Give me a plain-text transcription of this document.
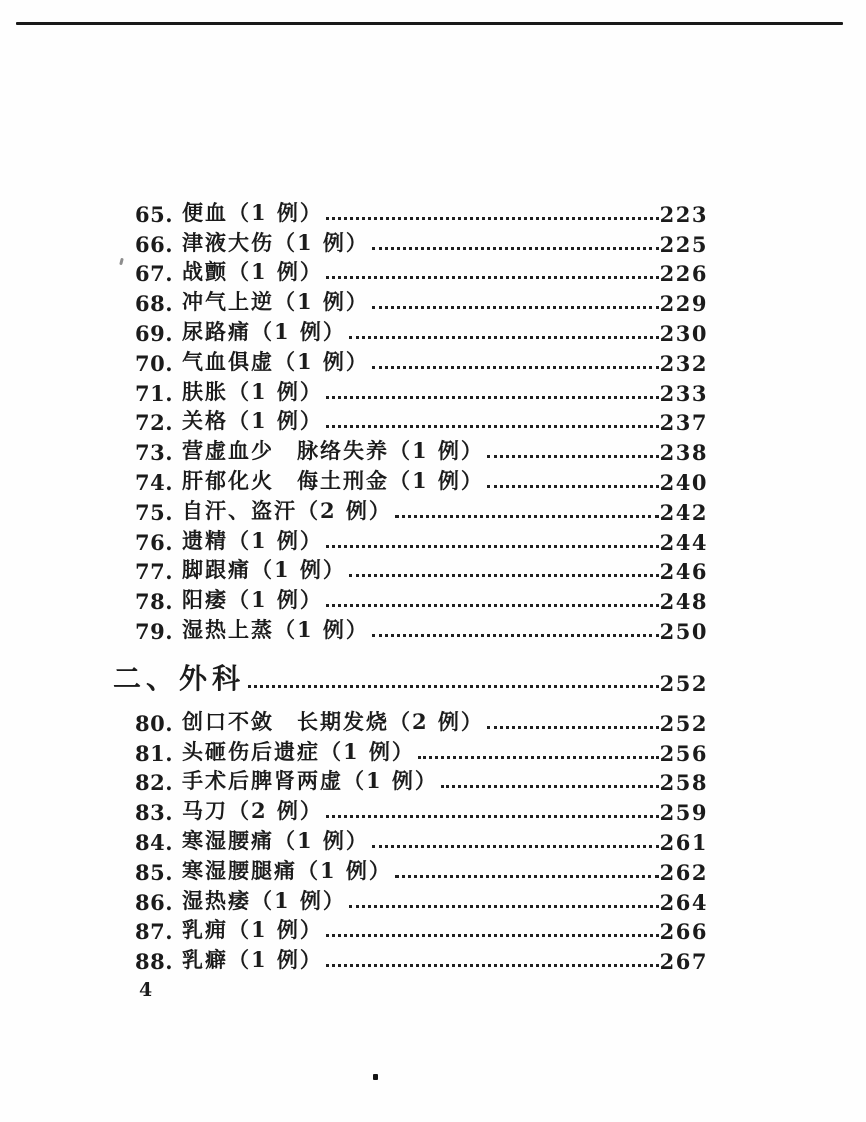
65. 便血（1 例）	223
66. 津液大伤（1 例）	225
67. 战颤（1 例）	226
68. 冲气上逆（1 例）	229
69. 尿路痛（1 例）	230
70. 气血俱虚（1 例）	232
71. 肤胀（1 例）	233
72. 关格（1 例）	237
73. 营虚血少　脉络失养（1 例）	238
74. 肝郁化火　侮土刑金（1 例）	240
75. 自汗、盗汗（2 例）	242
76. 遗精（1 例）	244
77. 脚跟痛（1 例）	246
78. 阳痿（1 例）	248
79. 湿热上蒸（1 例）	250
二、外科	252
80. 创口不敛　长期发烧（2 例）	252
81. 头砸伤后遗症（1 例）	256
82. 手术后脾肾两虚（1 例）	258
83. 马刀（2 例）	259
84. 寒湿腰痛（1 例）	261
85. 寒湿腰腿痛（1 例）	262
86. 湿热痿（1 例）	264
87. 乳痈（1 例）	266
88. 乳癖（1 例）	267
4
